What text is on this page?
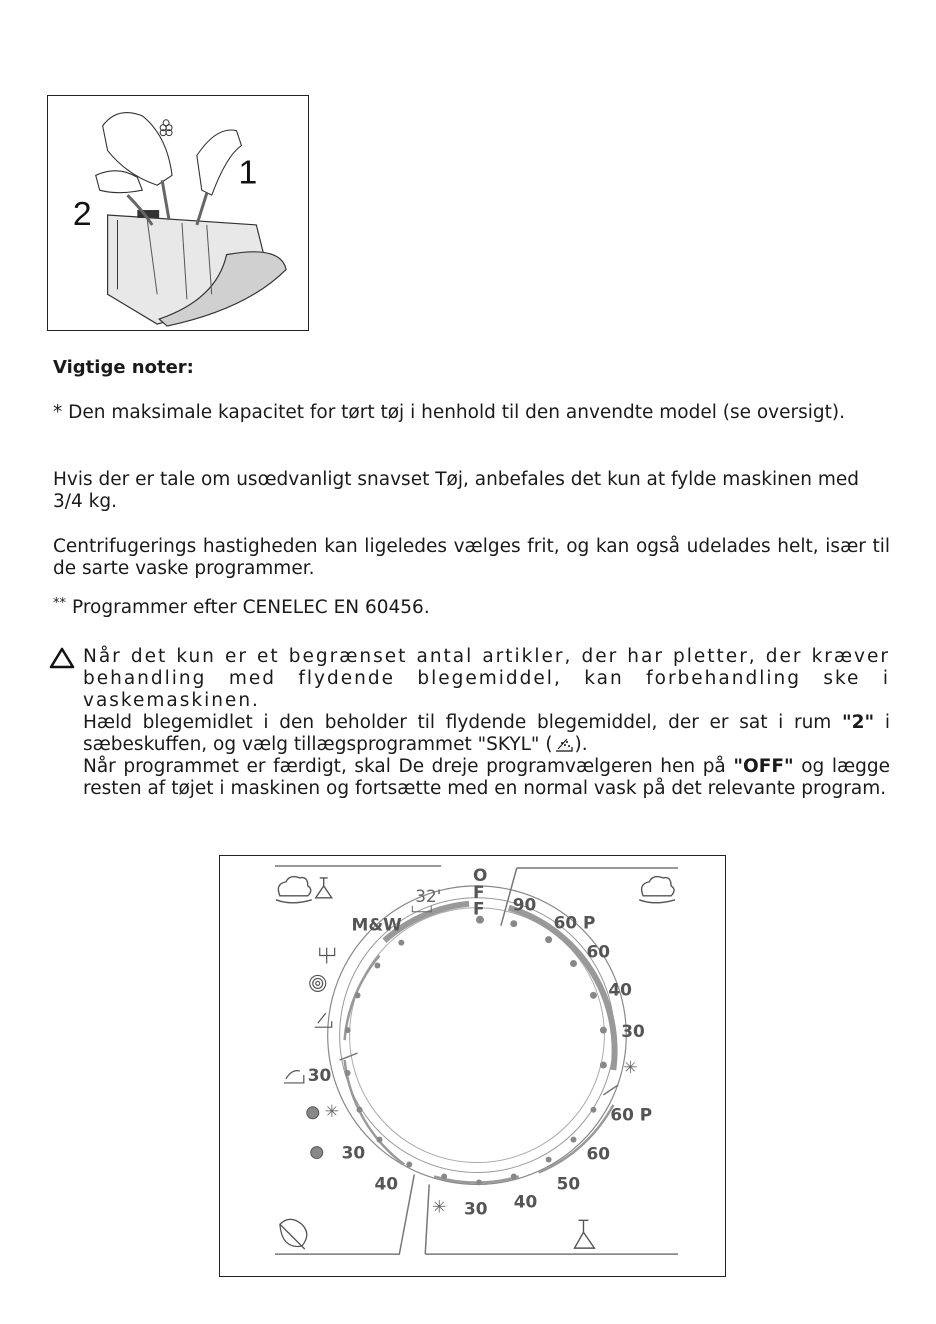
1
2
Vigtige noter:

* Den maksimale kapacitet for tørt tøj i henhold til den anvendte model (se oversigt).

Hvis der er tale om usœdvanligt snavset Tøj, anbefales det kun at fylde maskinen med 3/4 kg.

Centrifugerings hastigheden kan ligeledes vælges frit, og kan også udelades helt, især til de sarte vaske programmer.

** Programmer efter CENELEC EN 60456.

Når det kun er et begrænset antal artikler, der har pletter, der kræver behandling med flydende blegemiddel, kan forbehandling ske i vaskemaskinen.

Hæld blegemidlet i den beholder til flydende blegemiddel, der er sat i rum "2" i sæbeskuffen, og vælg tillægsprogrammet "SKYL" ( ).

Når programmet er færdigt, skal De dreje programvælgeren hen på "OFF" og lægge resten af tøjet i maskinen og fortsætte med en normal vask på det relevante program.

O
F
F 90
60 P
60
40
30
✳
60 P
60
50
40
30
✳
30
30
40
✳
M&W
32'
